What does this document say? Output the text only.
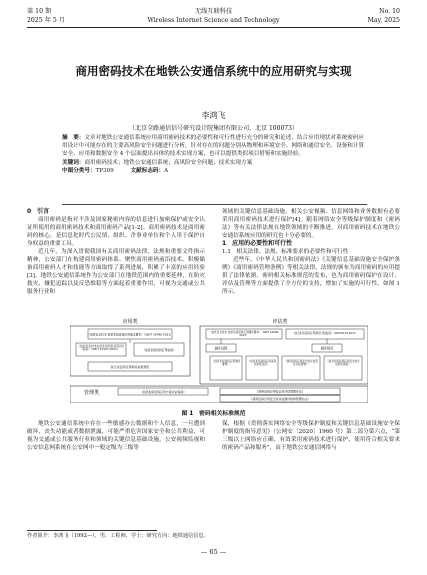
第 10 期
2025 年 5 月
无线互联科技
Wireless Internet Science and Technology
No. 10
May, 2025
商用密码技术在地铁公安通信系统中的应用研究与实现
李鸿飞
（北京全路通信信号研究设计院集团有限公司，北京 100073）

摘　要：文章对地铁公安通信系统应用商用密码技术的必要性和可行性进行充分的研究和论述，结合应用现状对系统密码应用设计中可能存在的主要高风险安全问题进行分析，针对存在的问题分别从物理和环境安全、网络和通信安全、设备和计算安全、应用和数据安全 4 个层面提出具体的技术实现方案，也可以提供类似项目借鉴和实施经验。

关键词：商用密码技术；地铁公安通信系统；高风险安全问题；技术实现方案

中图分类号：TP309　　　	文献标志码：A

0　引言

商用密码是指对不涉及国家秘密内容的信息进行加密保护或安全认证所使用的商用密码技术和商用密码产品[1-2]。商用密码技术是商用密码的核心，是信息化时代公民情、组织、企事业单位和个人用于保护自身权益的重要工具。

近几年，为深入贯彻我国有关商用密码法律、法规和重要文件指示精神，公安部门在构建商用密码体系、聚焦商用密码前沿技术、积极储备商用密码人才和技能等方面取得了系列进展，积累了丰富的应用经验[3]。地铁公安通信系统作为公安部门在地铁范围内的重要延伸，在防灾救灾、嫌犯追踪以及反恐维稳等方面起着重要作用，可视为交通或公共服务行业和

领域的关键信息基础设施，相关公安视频、信息网络和业务数据有必要采用商用密码技术进行保护[4]。随着网络安全等级保护制度和《密码法》等有关法律法规在地铁领域的不断推进，对商用密码技术在地铁公安通信系统应用的研究也十分必要的。

1　应用的必要性和可行性

1.1　相关法律、法规、标准要求的必要性和可行性

近些年，《中华人民共和国密码法》《关键信息基础设施安全保护条例》《商用密码管理条例》等相关法律、法规的颁布为商用密码的应用提供了法律依据。密码相关标准规范的发布，也为商用密码保护在设计、评估及管理等方面提供了全方位的支持，增加了实施的可行性，如图 1 所示。

应用类	评估类
《信息安全技术 信息系统密码应用基本要求》（GB/T 39786-2021）
《信息安全技术信息系统密码应用设计指南》（GB/T 43207-2023）	《信息系统密码应用指南》
各行业密码应用相关标准规范
《信息安全技术 信息系统密码应用测评要求》（GB/T 43206-2023）
《信息系统密码应用测评过程指南》（GM/T0116-2021）
测评过程	测评指导
《信息系统密码应用测评要求》
《信息系统密码应用高风险判定指引》
《商用密码应用安全性评估量化评估规则》
《信息系统密码应用安全性评估报告模板》
管理类	《信息系统密码应用方案评估指南》	《商用密码应用安全性评估管理办法》
《商用密码应用安全性评估测评机构管理办法》
图 1　密码相关标准规范

地铁公安通信系统中存在一些敏感办公数据和个人信息，一旦遭到破坏、丧失功能或者数据泄露，可能严重危害国家安全和公共利益，可视为交通或公共服务行业和领域的关键信息基础设施。公安视频监视和公安信息网系统在公安网中一般定级为三级等

保，根据《贯彻落实网络安全等级保护制度和关键信息基础设施安全保护制度的指导意见》（公网安〔2020〕1960 号）第二部分第六点，“第三级以上网络应正确、有效采用密码技术进行保护，使用符合相关要求的密码产品和服务”，由于地铁公安通信网络与

作者简介：李鸿飞（1992—），男，工程师，学士；研究方向：地铁通信信息。
— 65 —
